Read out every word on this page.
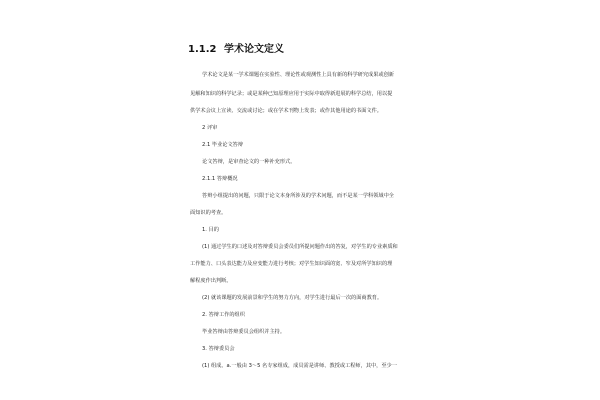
1.1.2 学术论文定义
学术论文是某一学术课题在实验性、理论性或观测性上具有新的科学研究成果或创新
见解和知识的科学记录；或是某种已知原理应用于实际中取得新进展的科学总结，用以提
供学术会议上宣读、交流或讨论；或在学术刊物上发表；或作其他用途的书面文件。
2 评审
2.1 毕业论文答辩
论文答辩，是审查论文的一种补充形式。
2.1.1 答辩概况
答辩小组提出的问题，只限于论文本身所涉及的学术问题，而不是某一学科领域中全
面知识的考查。
1. 目的
(1) 通过学生的口述及对答辩委员会委员们所提问题作出的答复，对学生的专业素质和
工作能力、口头表达能力及应变能力进行考核；对学生知识面的宽、窄及对所学知识的理
解程度作出判断。
(2) 就该课题的发展前景和学生的努力方向，对学生进行最后一次的面商教育。
2. 答辩工作的组织
毕业答辩由答辩委员会组织并主持。
3. 答辩委员会
(1) 组成。a.一般由 3～5 名专家组成，成员需是讲师、教授或工程师，其中，至少一
